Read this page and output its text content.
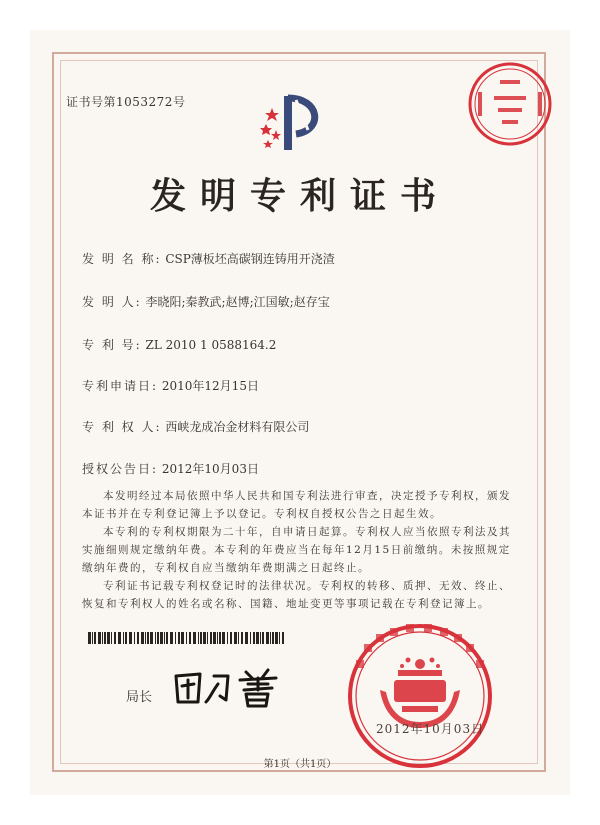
证书号第1053272号
发明专利证书
发 明 名 称: CSP薄板坯高碳钢连铸用开浇渣
发 明 人: 李晓阳;秦教武;赵博;江国敏;赵存宝
专 利 号: ZL 2010 1 0588164.2
专利申请日: 2010年12月15日
专 利 权 人: 西峡龙成冶金材料有限公司
授权公告日: 2012年10月03日

本发明经过本局依照中华人民共和国专利法进行审查，决定授予专利权，颁发本证书并在专利登记簿上予以登记。专利权自授权公告之日起生效。

本专利的专利权期限为二十年，自申请日起算。专利权人应当依照专利法及其实施细则规定缴纳年费。本专利的年费应当在每年12月15日前缴纳。未按照规定缴纳年费的，专利权自应当缴纳年费期满之日起终止。

专利证书记载专利权登记时的法律状况。专利权的转移、质押、无效、终止、恢复和专利权人的姓名或名称、国籍、地址变更等事项记载在专利登记簿上。

局长
2012年10月03日
第1页（共1页）
